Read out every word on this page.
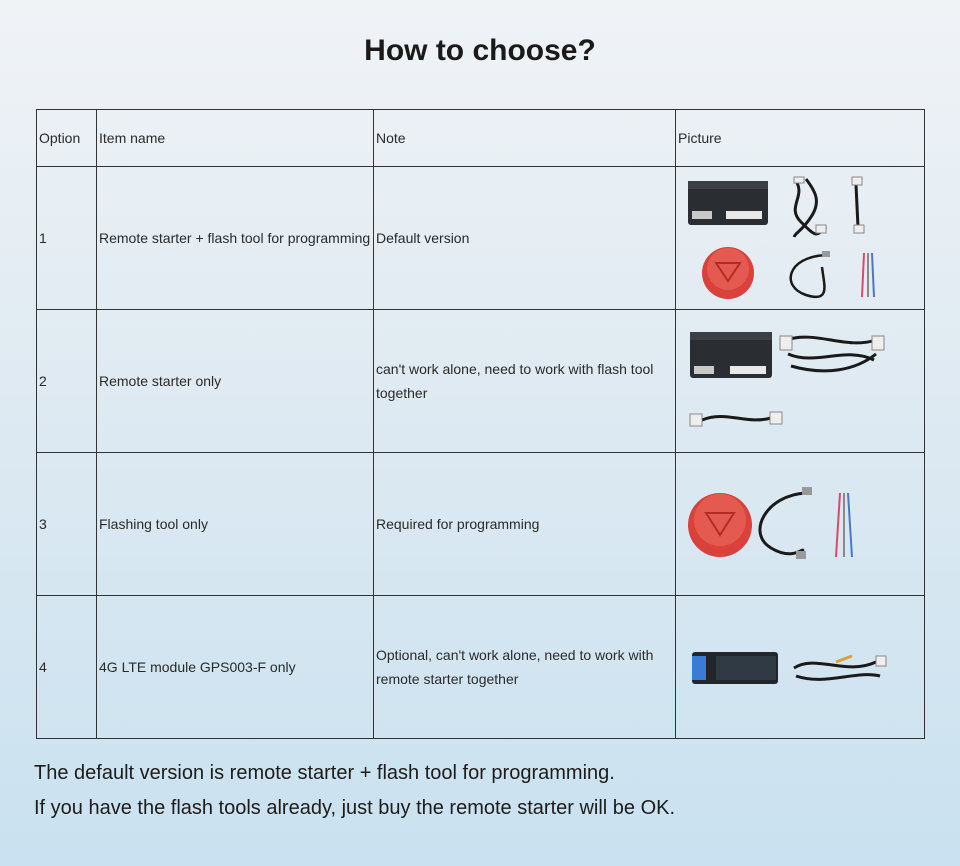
How to choose?
Option	Item name	Note	Picture
1	Remote starter + flash tool for programming	Default version	

2	Remote starter only	can't work alone, need to work with flash tool together	

3	Flashing tool only	Required for programming	

4	4G LTE module GPS003-F only	Optional, can't work alone, need to work with remote starter together	
The default version is remote starter + flash tool for programming.
If you have the flash tools already, just buy the remote starter will be OK.
